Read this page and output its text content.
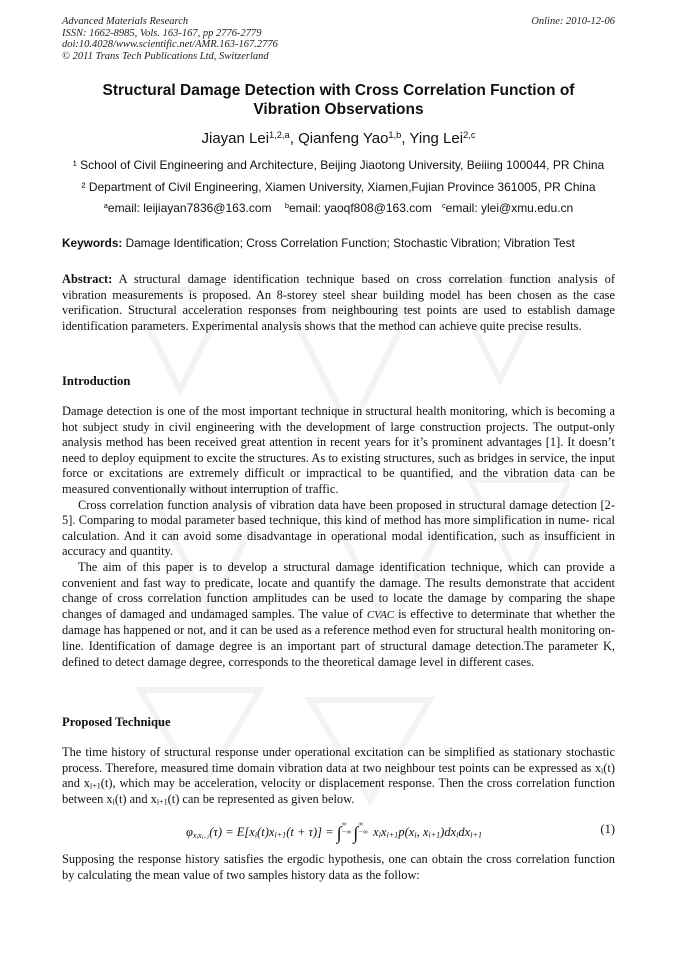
Advanced Materials Research
ISSN: 1662-8985, Vols. 163-167, pp 2776-2779
doi:10.4028/www.scientific.net/AMR.163-167.2776
© 2011 Trans Tech Publications Ltd, Switzerland
Online: 2010-12-06
Structural Damage Detection with Cross Correlation Function of
Vibration Observations
Jiayan Lei$^{1,2,a}$, Qianfeng Yao$^{1,b}$, Ying Lei$^{2,c}$
¹ School of Civil Engineering and Architecture, Beijing Jiaotong University, Beiiing 100044, PR China
² Department of Civil Engineering, Xiamen University, Xiamen,Fujian Province 361005, PR China
$^a$email: leijiayan7836@163.com $^b$email: yaoqf808@163.com $^c$email: ylei@xmu.edu.cn
Keywords: Damage Identification; Cross Correlation Function; Stochastic Vibration; Vibration Test

Abstract: A structural damage identification technique based on cross correlation function analysis of vibration measurements is proposed. An 8-storey steel shear building model has been chosen as the case verification. Structural acceleration responses from neighbouring test points are used to establish damage identification parameters. Experimental analysis shows that the method can achieve quite precise results.

Introduction

Damage detection is one of the most important technique in structural health monitoring, which is becoming a hot subject study in civil engineering with the development of large construction projects. The output-only analysis method has been received great attention in recent years for it’s prominent advantages [1]. It doesn’t need to deploy equipment to excite the structures. As to existing structures, such as bridges in service, the input force or excitations are extremely difficult or impractical to be quantified, and the vibration data can be measured conventionally without interruption of traffic.

Cross correlation function analysis of vibration data have been proposed in structural damage detection [2-5]. Comparing to modal parameter based technique, this kind of method has more simplification in nume- rical calculation. And it can avoid some disadvantage in operational modal identification, such as insufficient in accuracy and quantity.

The aim of this paper is to develop a structural damage identification technique, which can provide a convenient and fast way to predicate, locate and quantify the damage. The results demonstrate that accident change of cross correlation function amplitudes can be used to locate the damage by comparing the shape changes of damaged and undamaged samples. The value of CVAC is effective to determinate that whether the damage has happened or not, and it can be used as a reference method even for structural health monitoring on-line. Identification of damage degree is an important part of structural damage detection.The parameter K, defined to detect damage degree, corresponds to the theoretical damage level in different cases.

Proposed Technique

The time history of structural response under operational excitation can be simplified as stationary stochastic process. Therefore, measured time domain vibration data at two neighbour test points can be expressed as $x_i(t)$ and $x_{i+1}(t)$, which may be acceleration, velocity or displacement response. Then the cross correlation function between $x_i(t)$ and $x_{i+1}(t)$ can be represented as given below.

$\varphi_{x_ix_{i+1}}(\tau) = E[x_i(t)x_{i+1}(t + \tau)]$ = ∫∞
−∞ ∫∞
−∞ $x_ix_{i+1}p(x_i$, $x_{i+1})dx_idx_{i+1}$	(1)
Supposing the response history satisfies the ergodic hypothesis, one can obtain the cross correlation function by calculating the mean value of two samples history data as the follow:
